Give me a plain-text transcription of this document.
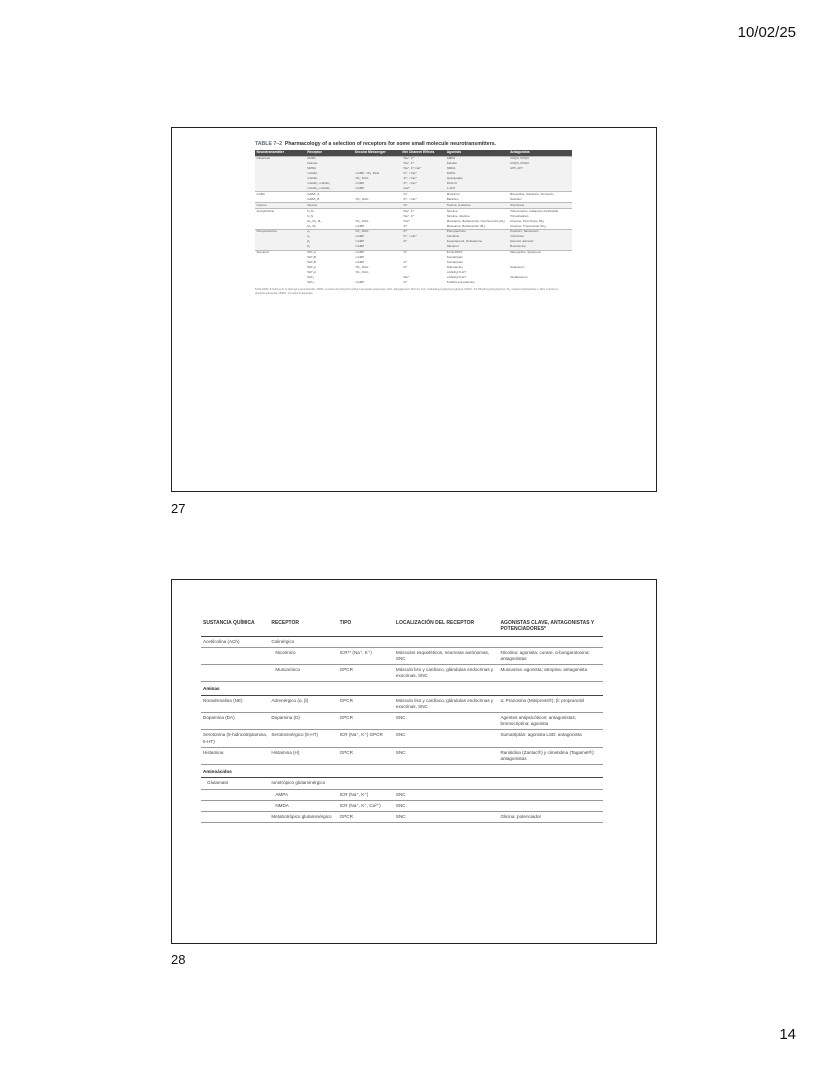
10/02/25
TABLE 7–2 Pharmacology of a selection of receptors for some small molecule neurotransmitters.
Neurotransmitter	Receptor	Second Messenger	Net Channel Effects	Agonists	Antagonists
Glutamate	AMPA		↑Na⁺, K⁺	AMPA	CNQX, DNQX
	Kainate		↑Na⁺, K⁺	Kainate	CNQX, DNQX
	NMDA		↑Na⁺, K⁺,Ca²⁺	NMDA	AP5, AP7
	mGluR₁	↑cAMP, ↑IP₃, DAG	↓K⁺, ↑Ca²⁺	DHPG	
	mGluR₅	↑IP₃, DAG	↓K⁺, ↑Ca²⁺	Quisqualate	
	mGluR₂, mGluR₃	↓cAMP	↑K⁺, ↓Ca²⁺	DCG-IV	
	mGluR₄, mGluR₇	↓cAMP	↓Ca²⁺	L-AP4	
GABA	GABA_A		↑Cl⁻	Muscimol	Bicuculline, Gabazine, Picrotoxin
	GABA_B	↑IP₃, DAG	↑K⁺, ↓Ca²⁺	Baclofen	Saclofen
Glycine	Glycine		↑Cl⁻	Taurine, β-alanine	Strychnine
Acetylcholine	N_M		↑Na⁺, K⁺	Nicotine	Tubocurarine, Gallamine triethiodide
	N_N		↑Na⁺, K⁺	Nicotine, lobeline	Trimethaphan
	M₁, M₃, M₅	↑IP₃, DAG	↑Ca²⁺	Muscarine, Bethanechol, Oxotremorine (M₁)	Atropine, Pirenzipine (M₁)
	M₂, M₄	↓cAMP	↑K⁺	Muscarine, Bethanechol (M₂)	Atropine, Tropicamide (M₄)
Norepinephrine	α₁	↑IP₃, DAG	↓K⁺	Phenylephrine	Prazosin, Tamsulosin
	α₂	↓cAMP	↑K⁺, ↓Ca²⁺	Clonidine	Yohimbine
	β₁	↑cAMP	↓K⁺	Isoproterenol, Dobutamine	Atenolol, Esmolol
	β₂	↑cAMP		Albuterol	Butoxamine
Serotonin	5HT₁A	↓cAMP	↑K⁺	8-OH-DPAT	Metergoline, Spiperone
	5HT₁B	↓cAMP		Sumatriptan	
	5HT₁D	↓cAMP	↓K⁺	Sumatriptan	
	5HT₂A	↑IP₃, DAG	↓K⁺	Dobutamine	Ketanserin
	5HT₂C	↑IP₃, DAG		α-Methyl-5-HT	
	5HT₃		↑Na⁺	α-Methyl-5-HT	Ondansetron
	5HT₄	↑cAMP	↓K⁺	5-Methoxytryptamine	
8-OH-DPAT, 8-hydroxy-N, N-dipropyl-2-aminotetralin; AMPA, α-amino-3-hydroxyl-5-methyl-4-isoxazole-propionate; DAG, diacylglycerol; DCG-IV, 2-(2, 3-dicarboxycyclopropyl) glycine; DHPG, 3,5-Dihydroxyphenylglycine; IP₃, inositol trisphosphate; L-AP4, 2-amino-4-phosphonobutyrate; NMDA, N-methyl-D-aspartate.
27
SUSTANCIA QUÍMICA	RECEPTOR	TIPO	LOCALIZACIÓN DEL RECEPTOR	AGONISTAS CLAVE, ANTAGONISTAS Y POTENCIADORES*
Acetilcolina (ACh)	Colinérgico			
	Nicotínico	ICR** (Na⁺, K⁺)	Músculos esqueléticos, neuronas autónomas, SNC	Nicotina: agonista; curare, α-bungarotoxina: antagonistas
	Muscarínico	GPCR	Músculo liso y cardíaco, glándulas endocrinas y exocrinas, SNC	Muscarina: agonista; atropina: antagonista
Aminas				
Noradrenalina (NE)	Adrenérgico (α, β)	GPCR	Músculo liso y cardíaco, glándulas endocrinas y exocrinas, SNC	α: Prazosina (Minipress®); β: propranolol
Dopamina (DA)	Dopamina (D)	GPCR	SNC	Agentes antipsicóticos: antagonistas; bromocriptina: agonista
Serotonina (5-hidroxitriptamina, 5-HT)	Serotoninérgico (5-HT)	ICR (Na⁺, K⁺) GPCR	SNC	Sumatriptán: agonista LSD: antagonista
Histamina	Histamina (H)	GPCR	SNC	Ranitidina (Zantac®) y cimetidina (Tagamet®): antagonistas
Aminoácidos				
Glutamato	Ionotrópico glutaminérgico			
	AMPA	ICR (Na⁺, K⁺)	SNC	
	NMDA	ICR (Na⁺, K⁺, Ca²⁺)	SNC	
	Metabotrópico glutaminérgico	GPCR	SNC	Glicina: potenciador
28
14
